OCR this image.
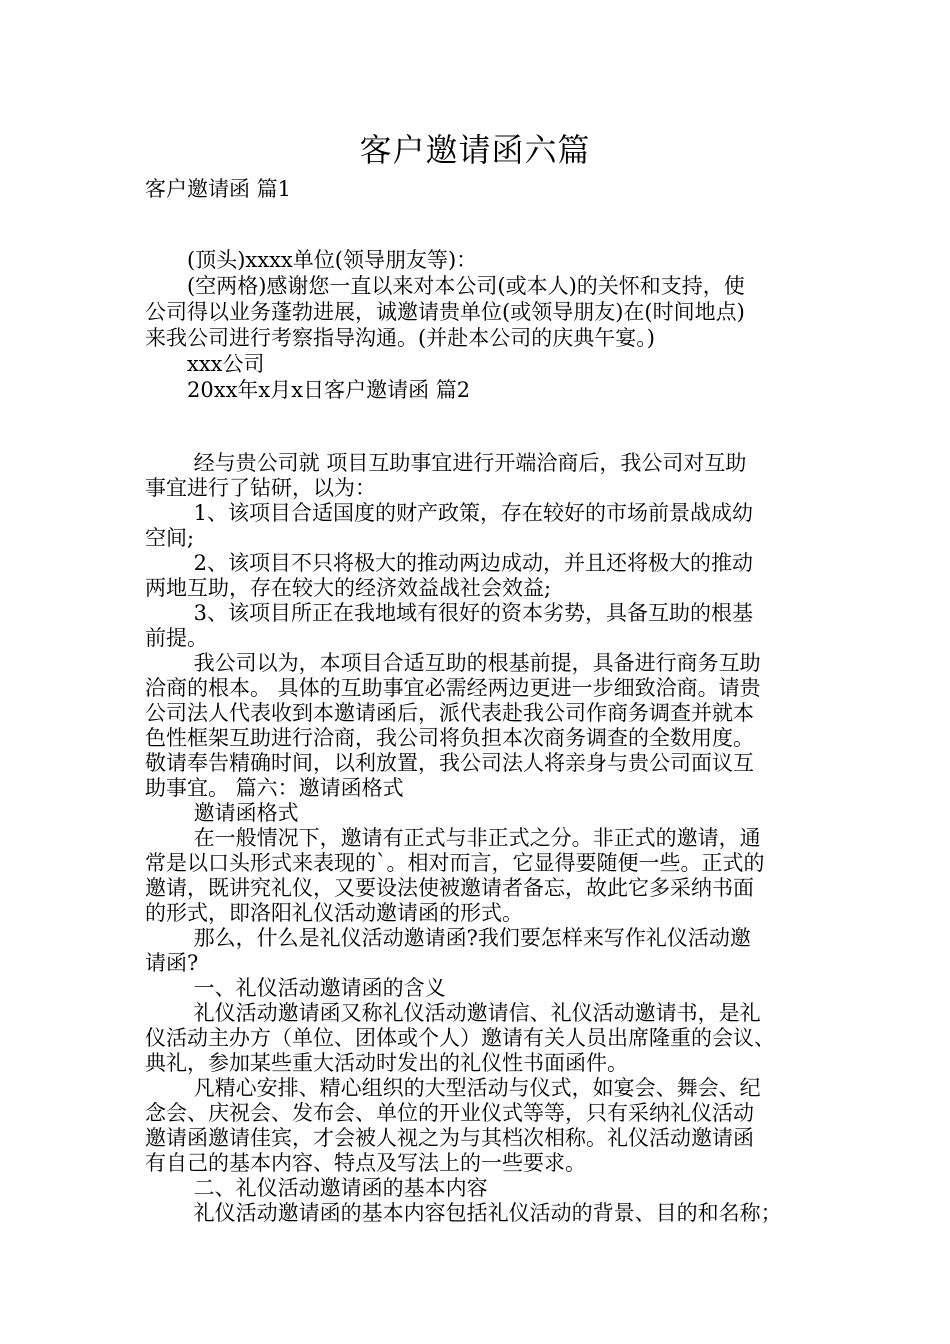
客户邀请函六篇
客户邀请函 篇1
　　(顶头)xxxx单位(领导朋友等)：
　　(空两格)感谢您一直以来对本公司(或本人)的关怀和支持，使
公司得以业务蓬勃进展，诚邀请贵单位(或领导朋友)在(时间地点)
来我公司进行考察指导沟通。(并赴本公司的庆典午宴。)
　　xxx公司
　　20xx年x月x日客户邀请函 篇2
　　 经与贵公司就 项目互助事宜进行开端洽商后，我公司对互助
事宜进行了钻研，以为：
　　 1、该项目合适国度的财产政策，存在较好的市场前景战成幼
空间;
　　 2、该项目不只将极大的推动两边成动，并且还将极大的推动
两地互助，存在较大的经济效益战社会效益;
　　 3、该项目所正在我地域有很好的资本劣势，具备互助的根基
前提。
　　 我公司以为，本项目合适互助的根基前提，具备进行商务互助
洽商的根本。 具体的互助事宜必需经两边更进一步细致洽商。请贵
公司法人代表收到本邀请函后，派代表赴我公司作商务调查并就本
色性框架互助进行洽商，我公司将负担本次商务调查的全数用度。
敬请奉告精确时间，以利放置，我公司法人将亲身与贵公司面议互
助事宜。 篇六：邀请函格式
　　 邀请函格式
　　 在一般情况下，邀请有正式与非正式之分。非正式的邀请，通
常是以口头形式来表现的`。相对而言，它显得要随便一些。正式的
邀请，既讲究礼仪，又要设法使被邀请者备忘，故此它多采纳书面
的形式，即洛阳礼仪活动邀请函的形式。
　　 那么，什么是礼仪活动邀请函?我们要怎样来写作礼仪活动邀
请函?
　　 一、礼仪活动邀请函的含义
　　 礼仪活动邀请函又称礼仪活动邀请信、礼仪活动邀请书，是礼
仪活动主办方（单位、团体或个人）邀请有关人员出席隆重的会议、
典礼，参加某些重大活动时发出的礼仪性书面函件。
　　 凡精心安排、精心组织的大型活动与仪式，如宴会、舞会、纪
念会、庆祝会、发布会、单位的开业仪式等等，只有采纳礼仪活动
邀请函邀请佳宾，才会被人视之为与其档次相称。礼仪活动邀请函
有自己的基本内容、特点及写法上的一些要求。
　　 二、礼仪活动邀请函的基本内容
　　 礼仪活动邀请函的基本内容包括礼仪活动的背景、目的和名称；
